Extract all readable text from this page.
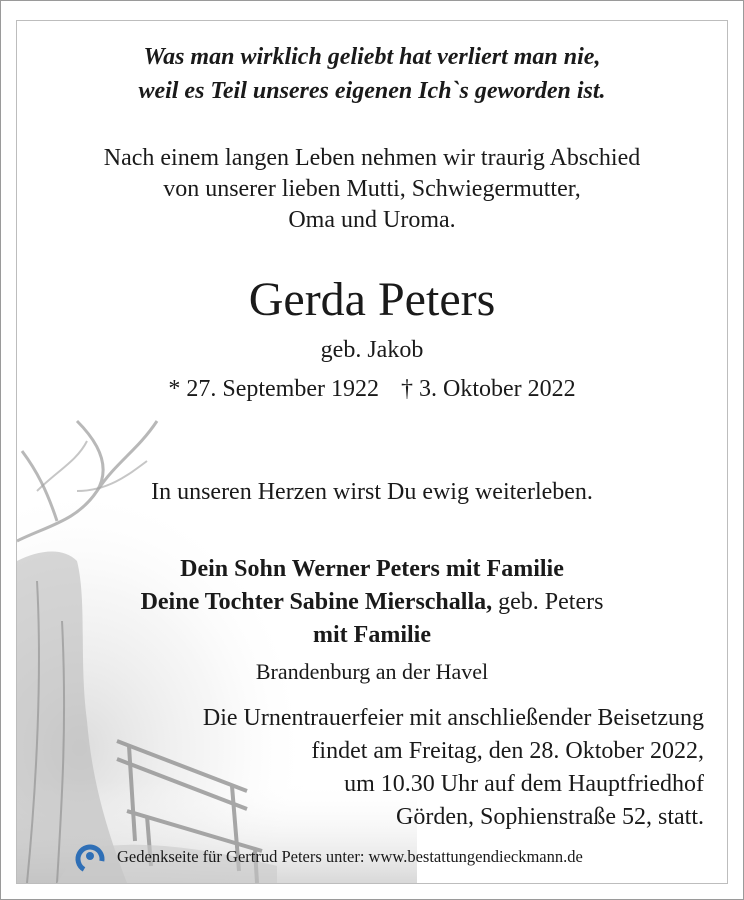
Was man wirklich geliebt hat verliert man nie,
weil es Teil unseres eigenen Ich`s geworden ist.
Nach einem langen Leben nehmen wir traurig Abschied
von unserer lieben Mutti, Schwiegermutter,
Oma und Uroma.
Gerda Peters
geb. Jakob
* 27. September 1922 † 3. Oktober 2022
In unseren Herzen wirst Du ewig weiterleben.
Dein Sohn Werner Peters mit Familie
Deine Tochter Sabine Mierschalla, geb. Peters
mit Familie
Brandenburg an der Havel
Die Urnentrauerfeier mit anschließender Beisetzung
findet am Freitag, den 28. Oktober 2022,
um 10.30 Uhr auf dem Hauptfriedhof
Görden, Sophienstraße 52, statt.
Gedenkseite für Gertrud Peters unter: www.bestattungendieckmann.de
